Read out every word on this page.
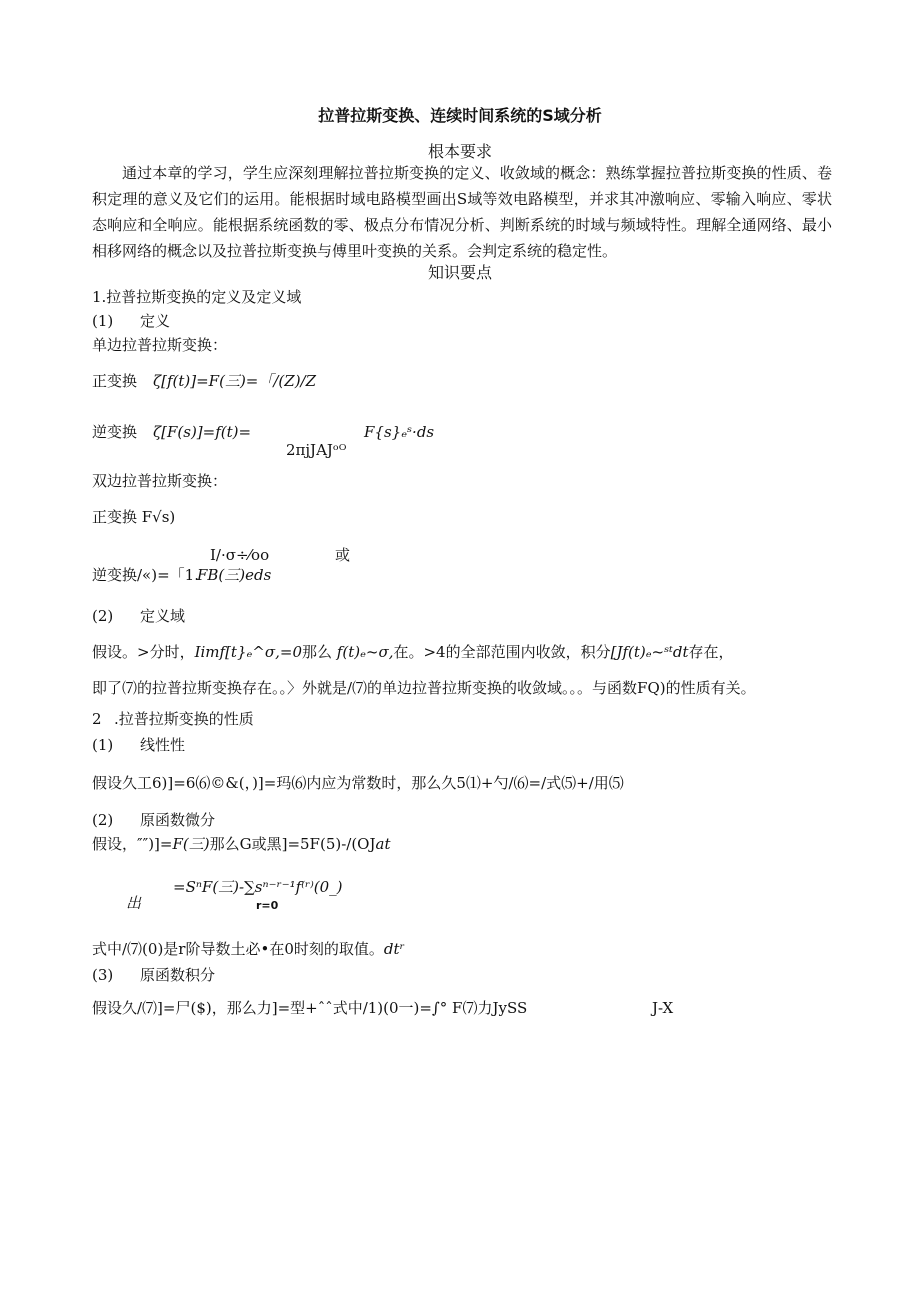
拉普拉斯变换、连续时间系统的S域分析
根本要求
通过本章的学习，学生应深刻理解拉普拉斯变换的定义、收敛域的概念：熟练掌握拉普拉斯变换的性质、卷积定理的意义及它们的运用。能根据时域电路模型画出S域等效电路模型，并求其冲激响应、零输入响应、零状态响应和全响应。能根据系统函数的零、极点分布情况分析、判断系统的时域与频域特性。理解全通网络、最小相移网络的概念以及拉普拉斯变换与傅里叶变换的关系。会判定系统的稳定性。
知识要点
1.拉普拉斯变换的定义及定义域
(1) 定义
单边拉普拉斯变换：
正变换 ζ[f(t)]=F(三)=「/(Z)/Z
逆变换 ζ[F(s)]=f(t)=	F{s}ₑˢ·ds
2πjJAJᵒᴼ
双边拉普拉斯变换：
正变换 F√s)
I/·σ÷⁄oo	或
逆变换/«)=「1.
FB(三)eds
(2) 定义域
假设。>分时，Iimf[t}ₑ^σ,=0那么 f(t)ₑ~σ,在。>4的全部范围内收敛，积分[Jf(t)ₑ~ˢᵗdt存在，
即了⑺的拉普拉斯变换存在。。〉外就是/⑺的单边拉普拉斯变换的收敛域。。。与函数FQ)的性质有关。
2 .拉普拉斯变换的性质
(1) 线性性
假设久工6)]=6⑹©&(，)]=玛⑹内应为常数时，那么久5⑴+勺/⑹=/式⑸+/用⑸
(2) 原函数微分
假设，″″)]=F(三)那么G或黑]=5F(5)-/(OJat
=SⁿF(三)-∑sⁿ⁻ʳ⁻¹f⁽ʳ⁾(0_)
出	r=0
式中/⑺(0)是r阶导数土必•在0时刻的取值。dtʳ
(3) 原函数积分
假设久/⑺]=尸($)，那么力]=型+ˆˆ式中/1)(0一)=∫° F⑺力JySS	J-X
